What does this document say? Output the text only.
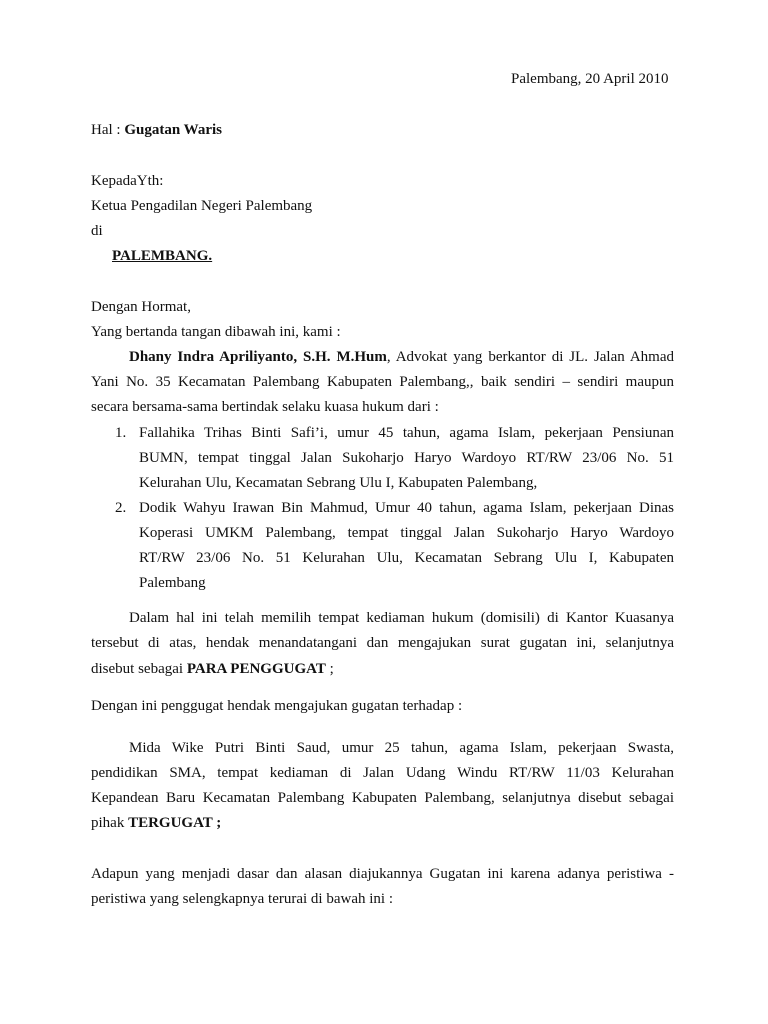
Palembang, 20 April 2010
Hal : Gugatan Waris
KepadaYth:
Ketua Pengadilan Negeri Palembang
di
PALEMBANG.
Dengan Hormat,
Yang bertanda tangan dibawah ini, kami :
Dhany Indra Apriliyanto, S.H. M.Hum, Advokat yang berkantor di JL. Jalan Ahmad
Yani No. 35 Kecamatan Palembang Kabupaten Palembang,, baik sendiri – sendiri maupun
secara bersama-sama bertindak selaku kuasa hukum dari :
1. Fallahika Trihas Binti Safi’i, umur 45 tahun, agama Islam, pekerjaan Pensiunan
BUMN, tempat tinggal Jalan Sukoharjo Haryo Wardoyo RT/RW 23/06 No. 51
Kelurahan Ulu, Kecamatan Sebrang Ulu I, Kabupaten Palembang,
2. Dodik Wahyu Irawan Bin Mahmud, Umur 40 tahun, agama Islam, pekerjaan Dinas
Koperasi UMKM Palembang, tempat tinggal Jalan Sukoharjo Haryo Wardoyo
RT/RW 23/06 No. 51 Kelurahan Ulu, Kecamatan Sebrang Ulu I, Kabupaten
Palembang
Dalam hal ini telah memilih tempat kediaman hukum (domisili) di Kantor Kuasanya
tersebut di atas, hendak menandatangani dan mengajukan surat gugatan ini, selanjutnya
disebut sebagai PARA PENGGUGAT ;
Dengan ini penggugat hendak mengajukan gugatan terhadap :
Mida Wike Putri Binti Saud, umur 25 tahun, agama Islam, pekerjaan Swasta,
pendidikan SMA, tempat kediaman di Jalan Udang Windu RT/RW 11/03 Kelurahan
Kepandean Baru Kecamatan Palembang Kabupaten Palembang, selanjutnya disebut sebagai
pihak TERGUGAT ;
Adapun yang menjadi dasar dan alasan diajukannya Gugatan ini karena adanya peristiwa -
peristiwa yang selengkapnya terurai di bawah ini :
